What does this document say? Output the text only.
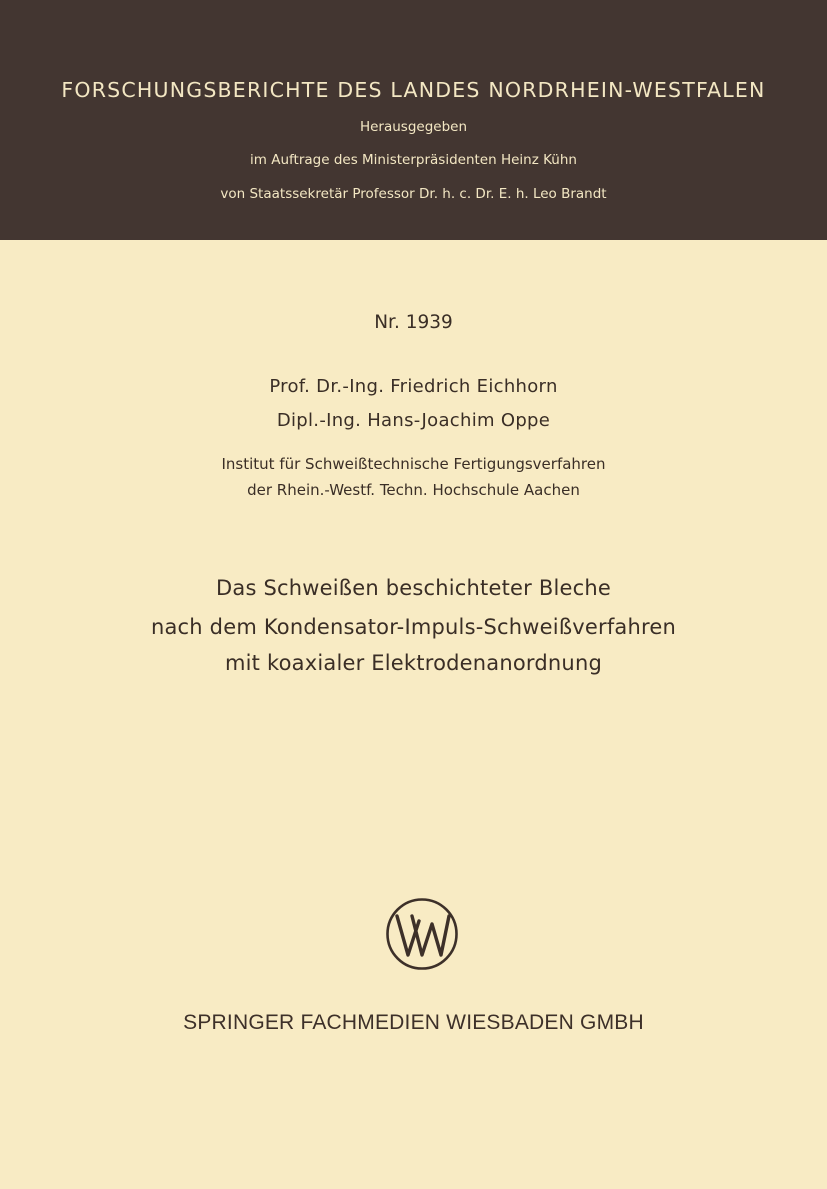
FORSCHUNGSBERICHTE DES LANDES NORDRHEIN-WESTFALEN
Herausgegeben
im Auftrage des Ministerpräsidenten Heinz Kühn
von Staatssekretär Professor Dr. h. c. Dr. E. h. Leo Brandt
Nr. 1939
Prof. Dr.-Ing. Friedrich Eichhorn
Dipl.-Ing. Hans-Joachim Oppe
Institut für Schweißtechnische Fertigungsverfahren
der Rhein.-Westf. Techn. Hochschule Aachen
Das Schweißen beschichteter Bleche
nach dem Kondensator-Impuls-Schweißverfahren
mit koaxialer Elektrodenanordnung
SPRINGER FACHMEDIEN WIESBADEN GMBH
